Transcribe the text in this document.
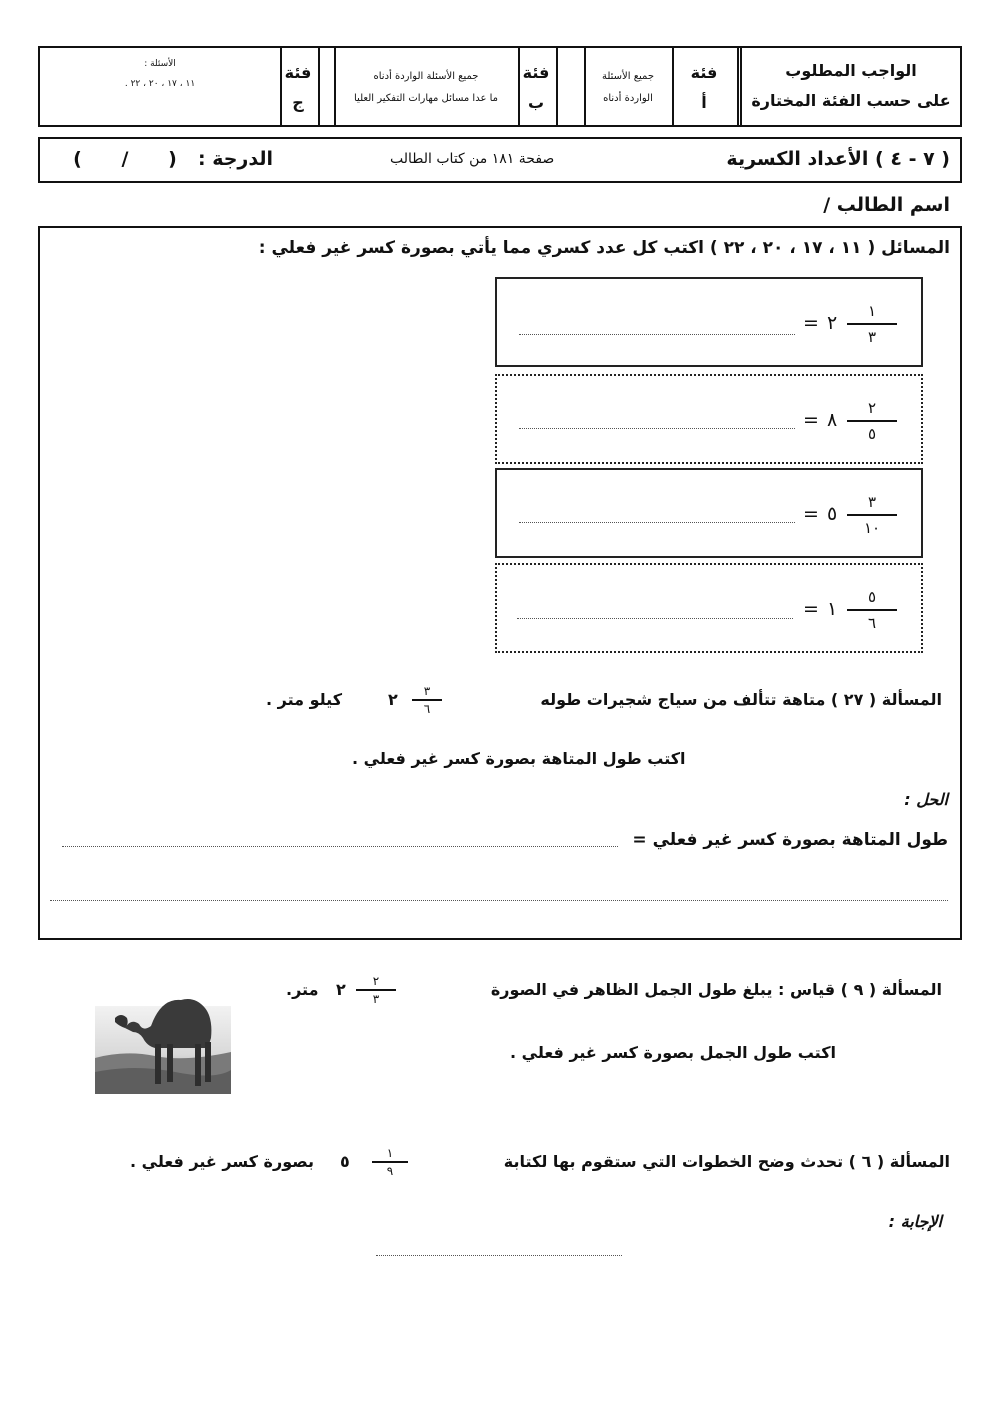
الواجب المطلوب
على حسب الفئة المختارة
فئة
أ
جميع الأسئلة
الواردة أدناه
فئة
ب
جميع الأسئلة الواردة أدناه
ما عدا مسائل مهارات التفكير العليا
فئة
ج
الأسئلة :
١١ ، ١٧ ، ٢٠ ، ٢٢ .
( ٧ - ٤ ) الأعداد الكسرية
صفحة ١٨١ من كتاب الطالب
الدرجة :
(      /      )
اسم الطالب /
المسائل ( ١١ ، ١٧ ، ٢٠ ، ٢٢ ) اكتب كل عدد كسري مما يأتي بصورة كسر غير فعلي :
١
٣
٢
=
٢
٥
٨
=
٣
١٠
٥
=
٥
٦
١
=
المسألة ( ٢٧ ) متاهة تتألف من سياج شجيرات طوله
٣
٦
٢
كيلو متر .
اكتب طول المتاهة بصورة كسر غير فعلي .
الحل :
طول المتاهة بصورة كسر غير فعلي =
المسألة ( ٩ ) قياس : يبلغ طول الجمل الظاهر في الصورة
٢
٣
٢
متر.
اكتب طول الجمل بصورة كسر غير فعلي .
المسألة ( ٦ ) تحدث وضح الخطوات التي ستقوم بها لكتابة
١
٩
٥
بصورة كسر غير فعلي .
الإجابة :
